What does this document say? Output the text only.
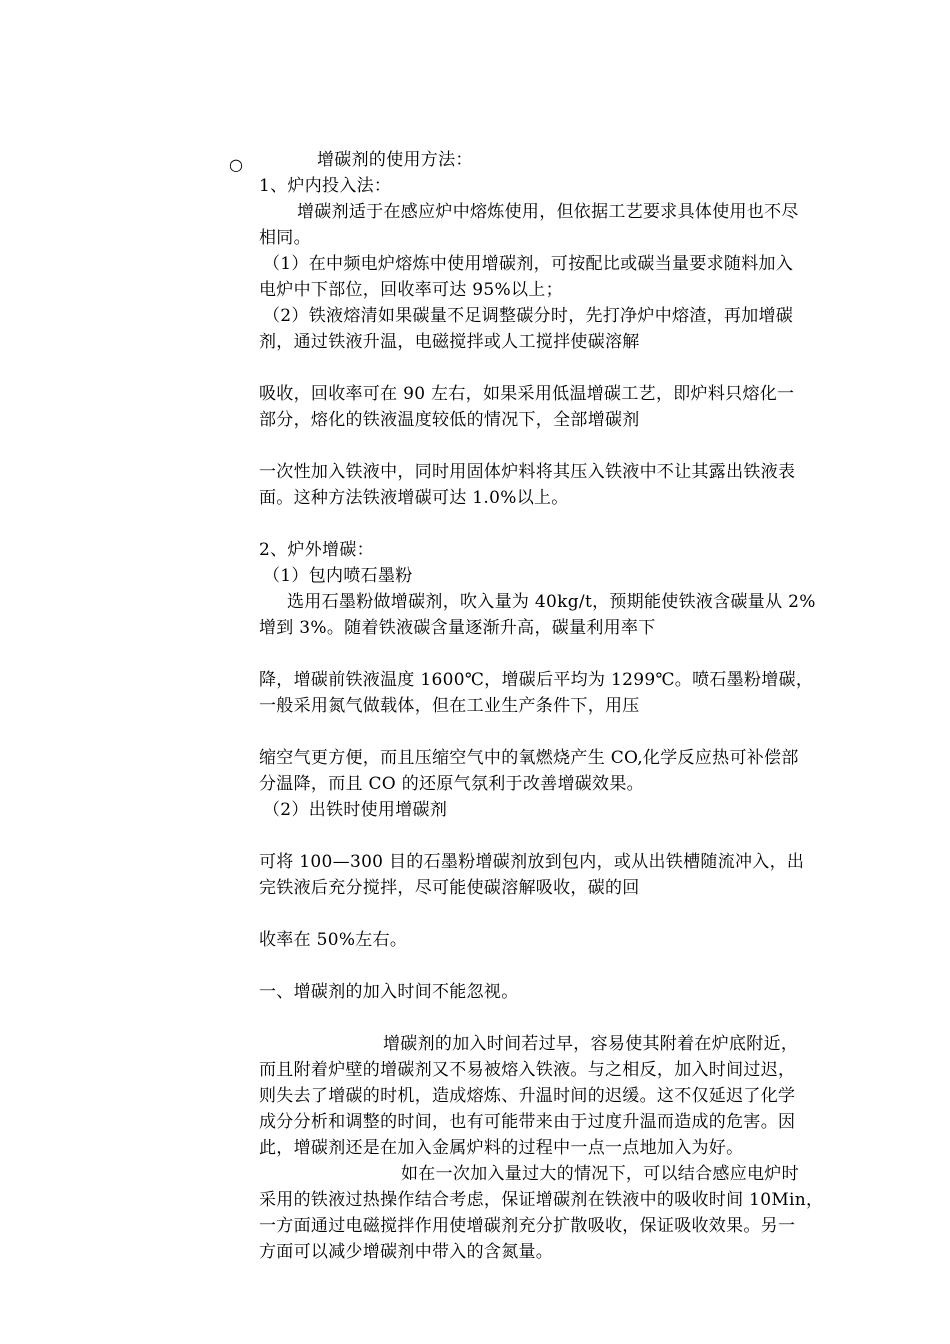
○	增碳剂的使用方法：

1、炉内投入法：

增碳剂适于在感应炉中熔炼使用，但依据工艺要求具体使用也不尽

相同。

（1）在中频电炉熔炼中使用增碳剂，可按配比或碳当量要求随料加入

电炉中下部位，回收率可达 95%以上；

（2）铁液熔清如果碳量不足调整碳分时，先打净炉中熔渣，再加增碳

剂，通过铁液升温，电磁搅拌或人工搅拌使碳溶解

吸收，回收率可在 90 左右，如果采用低温增碳工艺，即炉料只熔化一

部分，熔化的铁液温度较低的情况下，全部增碳剂

一次性加入铁液中，同时用固体炉料将其压入铁液中不让其露出铁液表

面。这种方法铁液增碳可达 1.0%以上。

2、炉外增碳：

（1）包内喷石墨粉

选用石墨粉做增碳剂，吹入量为 40kg/t，预期能使铁液含碳量从 2%

增到 3%。随着铁液碳含量逐渐升高，碳量利用率下

降，增碳前铁液温度 1600℃，增碳后平均为 1299℃。喷石墨粉增碳，

一般采用氮气做载体，但在工业生产条件下，用压

缩空气更方便，而且压缩空气中的氧燃烧产生 CO,化学反应热可补偿部

分温降，而且 CO 的还原气氛利于改善增碳效果。

（2）出铁时使用增碳剂

可将 100—300 目的石墨粉增碳剂放到包内，或从出铁槽随流冲入，出

完铁液后充分搅拌，尽可能使碳溶解吸收，碳的回

收率在 50%左右。

一、增碳剂的加入时间不能忽视。

增碳剂的加入时间若过早，容易使其附着在炉底附近，

而且附着炉壁的增碳剂又不易被熔入铁液。与之相反，加入时间过迟，

则失去了增碳的时机，造成熔炼、升温时间的迟缓。这不仅延迟了化学

成分分析和调整的时间，也有可能带来由于过度升温而造成的危害。因

此，增碳剂还是在加入金属炉料的过程中一点一点地加入为好。

如在一次加入量过大的情况下，可以结合感应电炉时

采用的铁液过热操作结合考虑，保证增碳剂在铁液中的吸收时间 10Min，

一方面通过电磁搅拌作用使增碳剂充分扩散吸收，保证吸收效果。另一

方面可以减少增碳剂中带入的含氮量。
